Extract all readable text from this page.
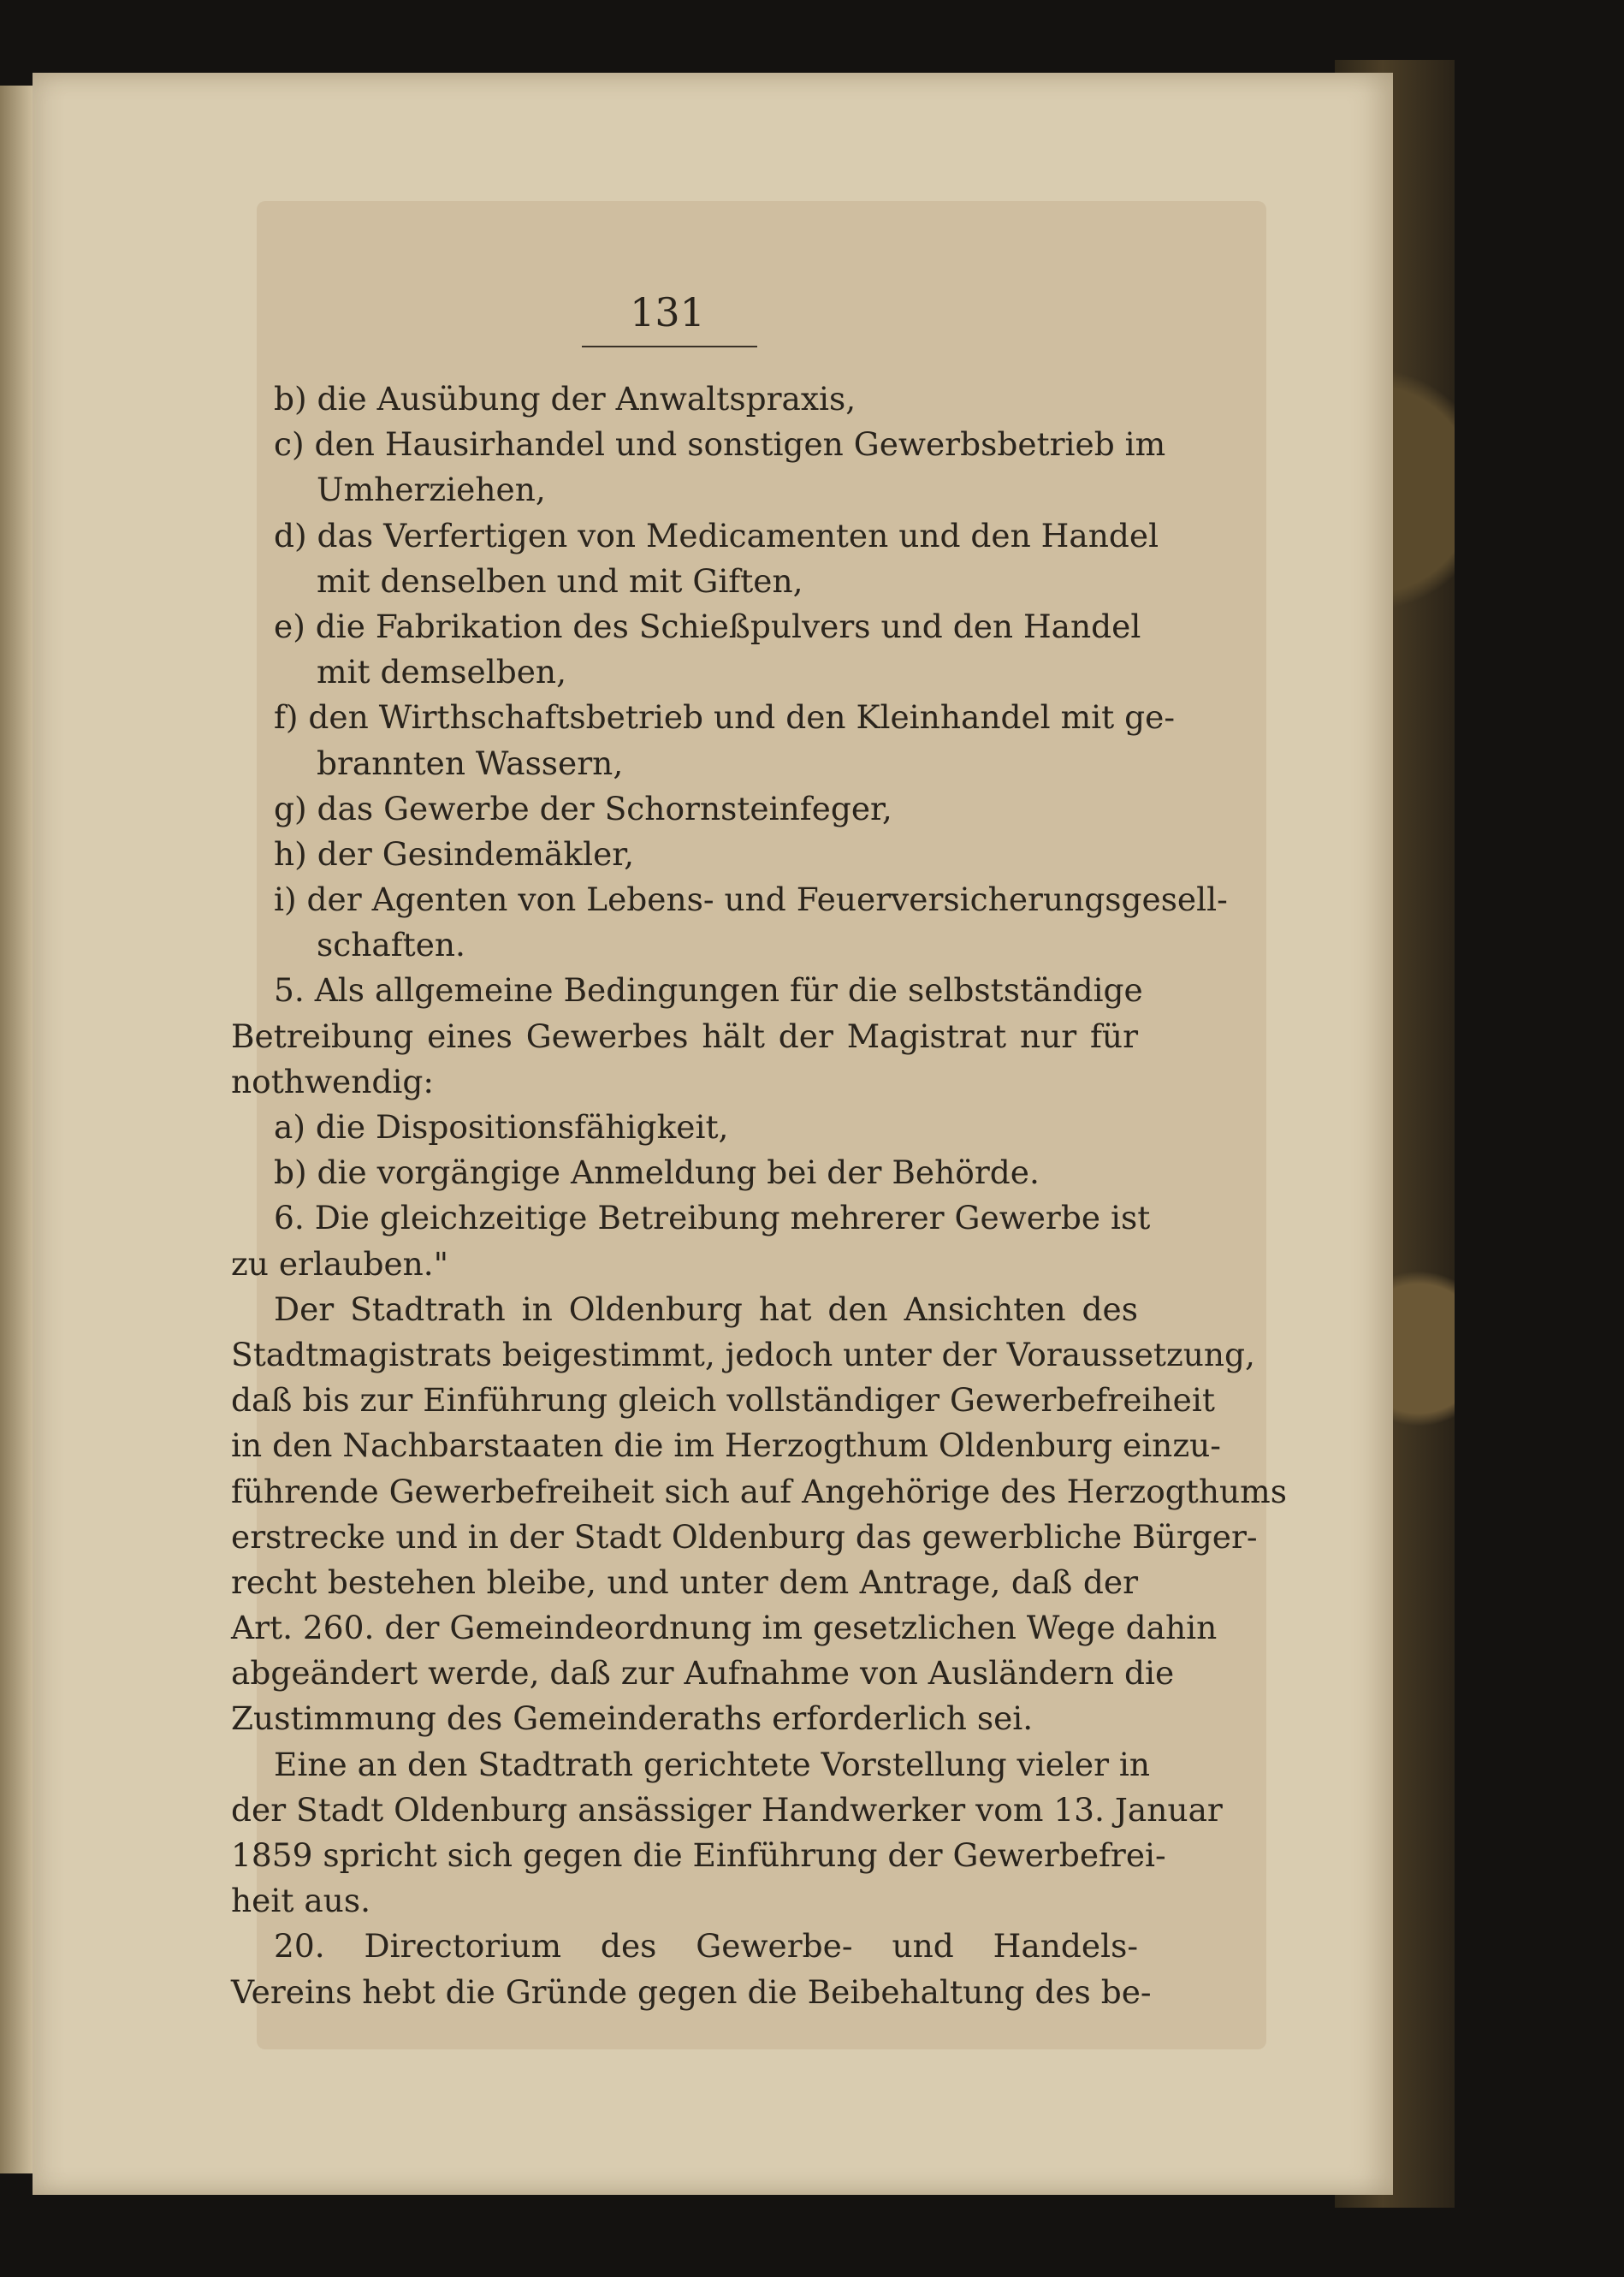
131
b) die Ausübung der Anwaltspraxis,
c) den Hausirhandel und sonstigen Gewerbsbetrieb im
Umherziehen,
d) das Verfertigen von Medicamenten und den Handel
mit denselben und mit Giften,
e) die Fabrikation des Schießpulvers und den Handel
mit demselben,
f) den Wirthschaftsbetrieb und den Kleinhandel mit ge-
brannten Wassern,
g) das Gewerbe der Schornsteinfeger,
h) der Gesindemäkler,
i) der Agenten von Lebens- und Feuerversicherungsgesell-
schaften.
5. Als allgemeine Bedingungen für die selbstständige
Betreibung eines Gewerbes hält der Magistrat nur für
nothwendig:
a) die Dispositionsfähigkeit,
b) die vorgängige Anmeldung bei der Behörde.
6. Die gleichzeitige Betreibung mehrerer Gewerbe ist
zu erlauben."
Der Stadtrath in Oldenburg hat den Ansichten des
Stadtmagistrats beigestimmt, jedoch unter der Voraussetzung,
daß bis zur Einführung gleich vollständiger Gewerbefreiheit
in den Nachbarstaaten die im Herzogthum Oldenburg einzu-
führende Gewerbefreiheit sich auf Angehörige des Herzogthums
erstrecke und in der Stadt Oldenburg das gewerbliche Bürger-
recht bestehen bleibe, und unter dem Antrage, daß der
Art. 260. der Gemeindeordnung im gesetzlichen Wege dahin
abgeändert werde, daß zur Aufnahme von Ausländern die
Zustimmung des Gemeinderaths erforderlich sei.
Eine an den Stadtrath gerichtete Vorstellung vieler in
der Stadt Oldenburg ansässiger Handwerker vom 13. Januar
1859 spricht sich gegen die Einführung der Gewerbefrei-
heit aus.
20. Directorium des Gewerbe- und Handels-
Vereins hebt die Gründe gegen die Beibehaltung des be-
